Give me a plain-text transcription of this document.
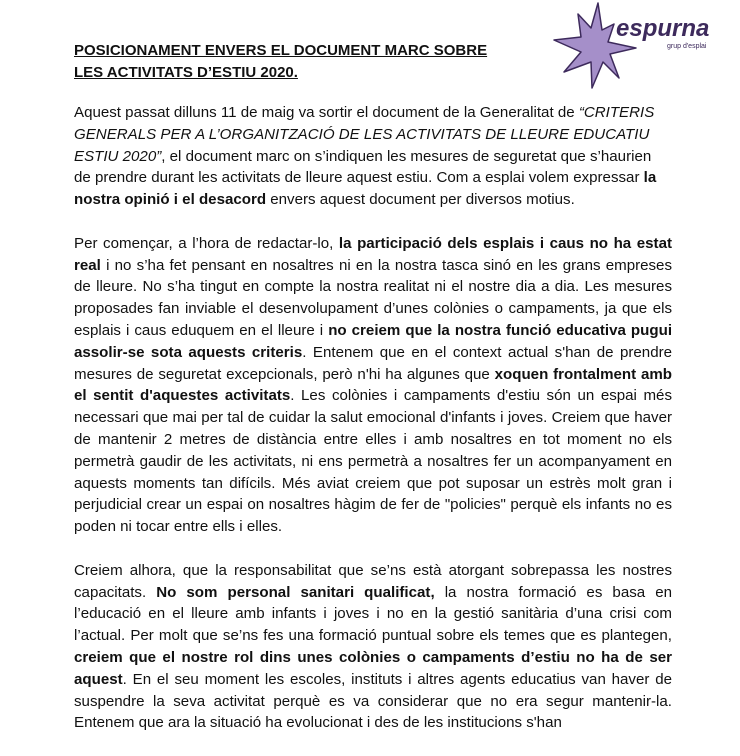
POSICIONAMENT ENVERS EL DOCUMENT MARC SOBRE
LES ACTIVITATS D’ESTIU 2020.
espurna
grup d'esplai

Aquest passat dilluns 11 de maig va sortir el document de la Generalitat de “CRITERIS GENERALS PER A L’ORGANITZACIÓ DE LES ACTIVITATS DE LLEURE EDUCATIU ESTIU 2020”, el document marc on s’indiquen les mesures de seguretat que s’haurien de prendre durant les activitats de lleure aquest estiu. Com a esplai volem expressar la nostra opinió i el desacord envers aquest document per diversos motius.

Per començar, a l’hora de redactar-lo, la participació dels esplais i caus no ha estat real i no s’ha fet pensant en nosaltres ni en la nostra tasca sinó en les grans empreses de lleure. No s’ha tingut en compte la nostra realitat ni el nostre dia a dia. Les mesures proposades fan inviable el desenvolupament d’unes colònies o campaments, ja que els esplais i caus eduquem en el lleure i no creiem que la nostra funció educativa pugui assolir-se sota aquests criteris. Entenem que en el context actual s'han de prendre mesures de seguretat excepcionals, però n'hi ha algunes que xoquen frontalment amb el sentit d'aquestes activitats. Les colònies i campaments d'estiu són un espai més necessari que mai per tal de cuidar la salut emocional d'infants i joves. Creiem que haver de mantenir 2 metres de distància entre elles i amb nosaltres en tot moment no els permetrà gaudir de les activitats, ni ens permetrà a nosaltres fer un acompanyament en aquests moments tan difícils. Més aviat creiem que pot suposar un estrès molt gran i perjudicial crear un espai on nosaltres hàgim de fer de "policies" perquè els infants no es poden ni tocar entre ells i elles.

Creiem alhora, que la responsabilitat que se’ns està atorgant sobrepassa les nostres capacitats. No som personal sanitari qualificat, la nostra formació es basa en l’educació en el lleure amb infants i joves i no en la gestió sanitària d’una crisi com l’actual. Per molt que se’ns fes una formació puntual sobre els temes que es plantegen, creiem que el nostre rol dins unes colònies o campaments d’estiu no ha de ser aquest. En el seu moment les escoles, instituts i altres agents educatius van haver de suspendre la seva activitat perquè es va considerar que no era segur mantenir-la. Entenem que ara la situació ha evolucionat i des de les institucions s'han
